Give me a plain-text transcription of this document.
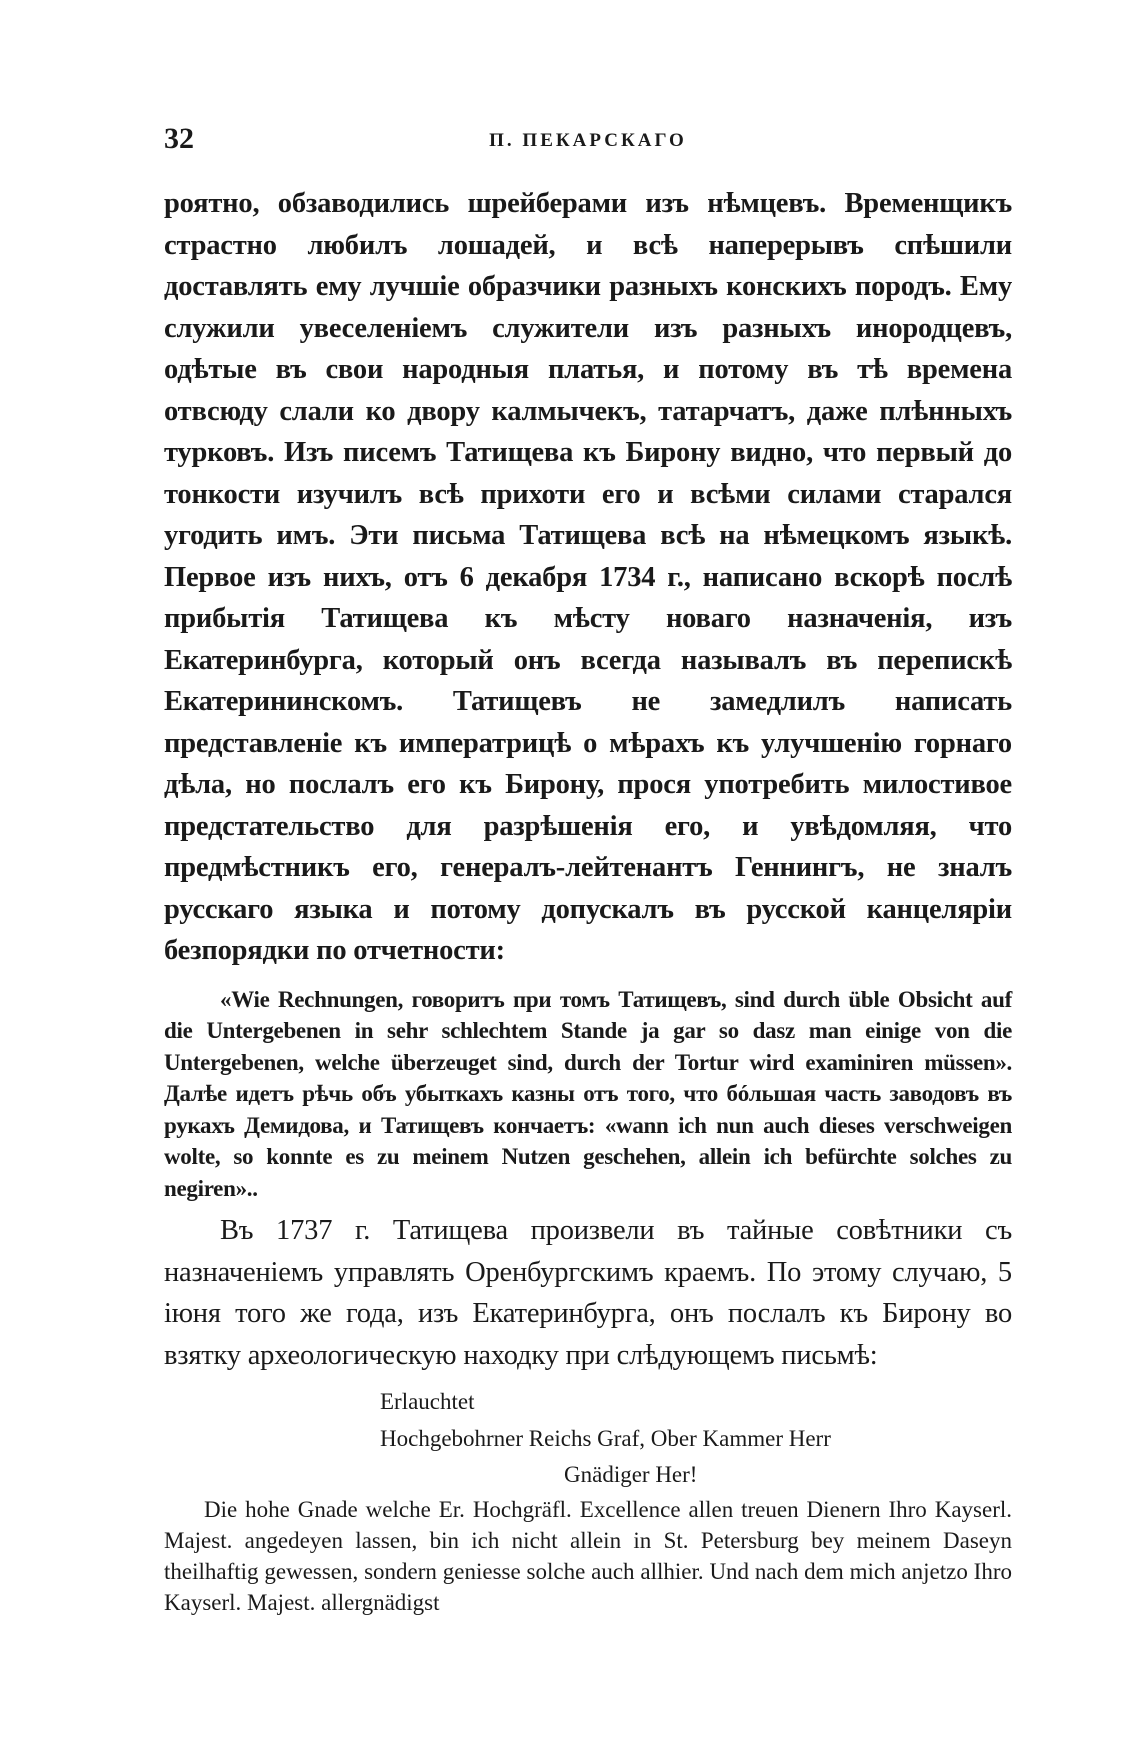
32	П. ПЕКАРСКАГО

роятно, обзаводились шрейберами изъ нѣмцевъ. Временщикъ страстно любилъ лошадей, и всѣ наперерывъ спѣшили доставлять ему лучшіе образчики разныхъ конскихъ породъ. Ему служили увеселеніемъ служители изъ разныхъ инородцевъ, одѣтые въ свои народныя платья, и потому въ тѣ времена отвсюду слали ко двору калмычекъ, татарчатъ, даже плѣнныхъ турковъ. Изъ писемъ Татищева къ Бирону видно, что первый до тонкости изучилъ всѣ прихоти его и всѣми силами старался угодить имъ. Эти письма Татищева всѣ на нѣмецкомъ языкѣ. Первое изъ нихъ, отъ 6 декабря 1734 г., написано вскорѣ послѣ прибытія Татищева къ мѣсту новаго назначенія, изъ Екатеринбурга, который онъ всегда называлъ въ перепискѣ Екатерининскомъ. Татищевъ не замедлилъ написать представленіе къ императрицѣ о мѣрахъ къ улучшенію горнаго дѣла, но послалъ его къ Бирону, прося употребить милостивое предстательство для разрѣшенія его, и увѣдомляя, что предмѣстникъ его, генералъ-лейтенантъ Геннингъ, не зналъ русскаго языка и потому допускалъ въ русской канцеляріи безпорядки по отчетности:

«Wie Rechnungen, говоритъ при томъ Татищевъ, sind durch üble Obsicht auf die Untergebenen in sehr schlechtem Stande ja gar so dasz man einige von die Untergebenen, welche überzeuget sind, durch der Tortur wird examiniren müssen». Далѣе идетъ рѣчь объ убыткахъ казны отъ того, что бóльшая часть заводовъ въ рукахъ Демидова, и Татищевъ кончаетъ: «wann ich nun auch dieses verschweigen wolte, so konnte es zu meinem Nutzen geschehen, allein ich befürchte solches zu negiren»..

Въ 1737 г. Татищева произвели въ тайные совѣтники съ назначеніемъ управлять Оренбургскимъ краемъ. По этому случаю, 5 іюня того же года, изъ Екатеринбурга, онъ послалъ къ Бирону во взятку археологическую находку при слѣдующемъ письмѣ:

Erlauchtet
Hochgebohrner Reichs Graf, Ober Kammer Herr
Gnädiger Her!

Die hohe Gnade welche Er. Hochgräfl. Excellence allen treuen Dienern Ihro Kayserl. Majest. angedeyen lassen, bin ich nicht allein in St. Petersburg bey meinem Daseyn theilhaftig gewessen, sondern geniesse solche auch allhier. Und nach dem mich anjetzo Ihro Kayserl. Majest. allergnädigst
